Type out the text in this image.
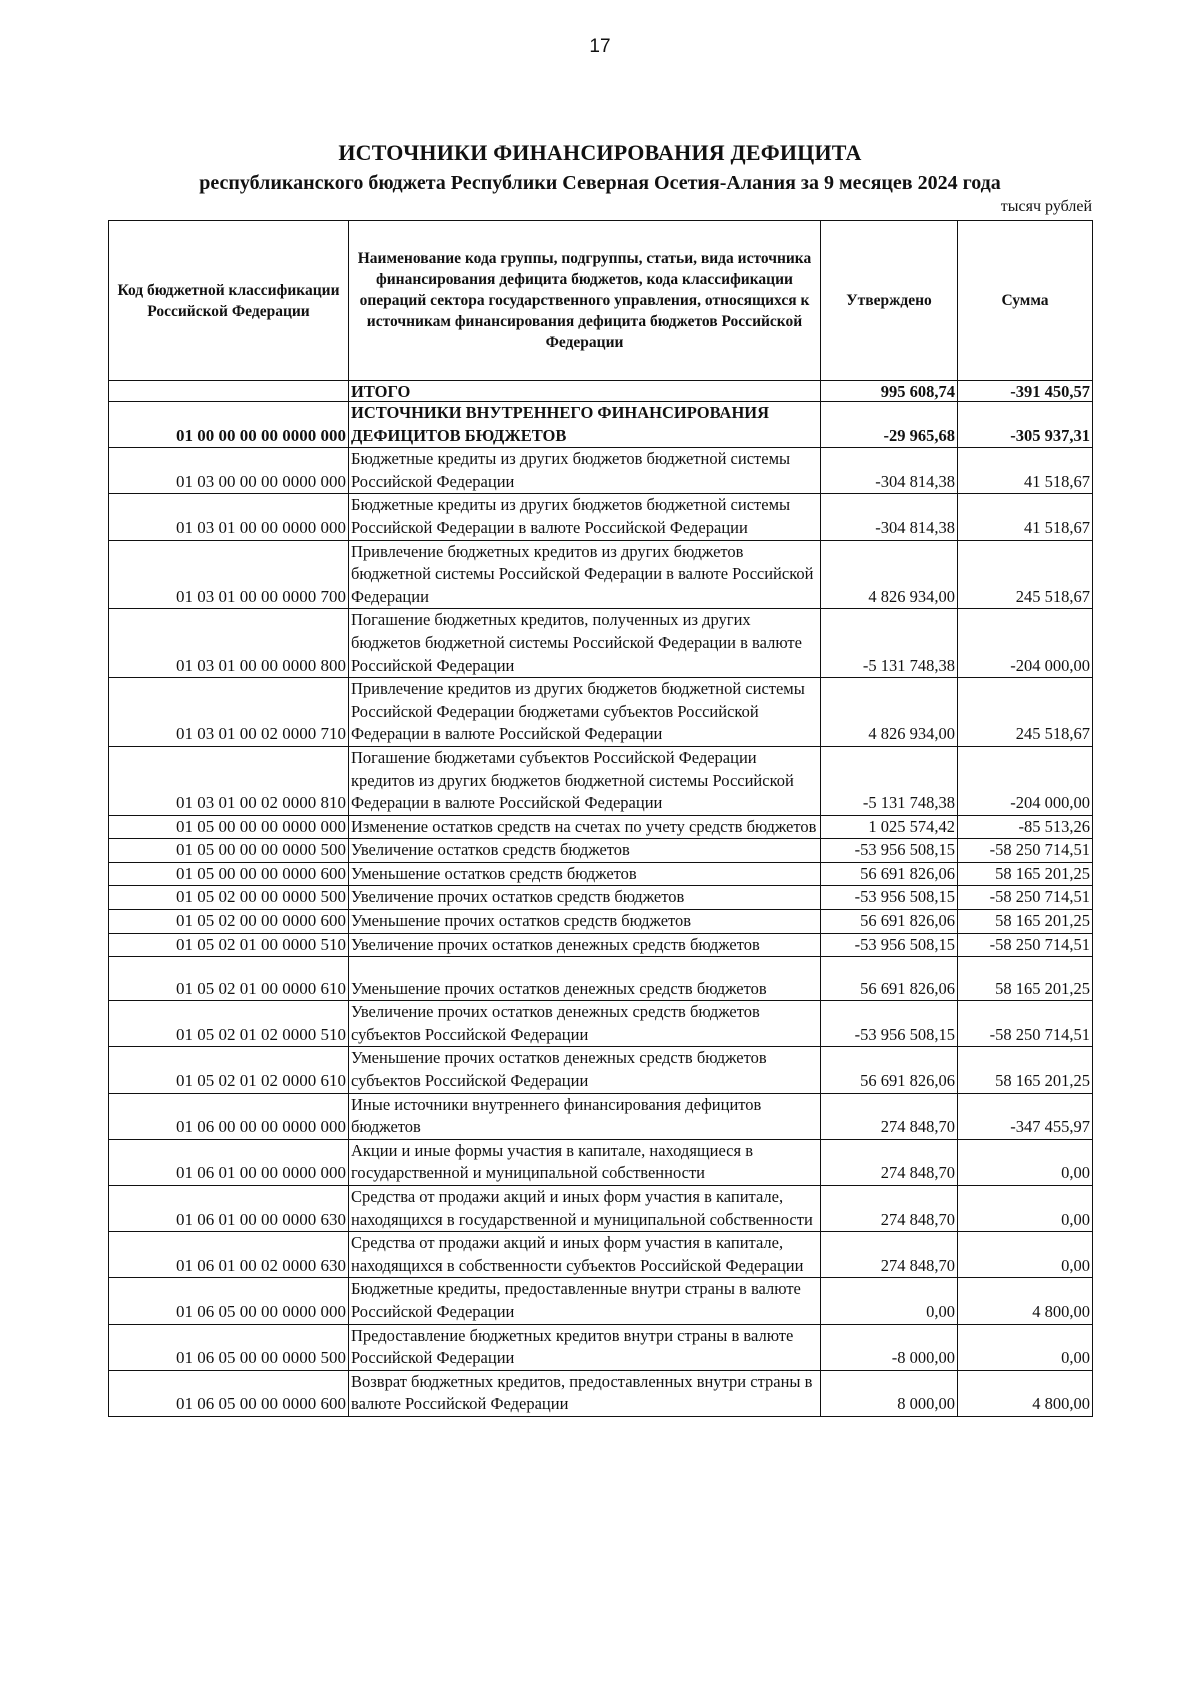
17
ИСТОЧНИКИ ФИНАНСИРОВАНИЯ ДЕФИЦИТА
республиканского бюджета Республики Северная Осетия-Алания за 9 месяцев 2024 года
тысяч рублей
Код бюджетной классификации Российской Федерации	Наименование кода группы, подгруппы, статьи, вида источника финансирования дефицита бюджетов, кода классификации операций сектора государственного управления, относящихся к источникам финансирования дефицита бюджетов Российской Федерации	Утверждено	Сумма
	ИТОГО	995 608,74	-391 450,57
01 00 00 00 00 0000 000	ИСТОЧНИКИ ВНУТРЕННЕГО ФИНАНСИРОВАНИЯ ДЕФИЦИТОВ БЮДЖЕТОВ	-29 965,68	-305 937,31
01 03 00 00 00 0000 000	Бюджетные кредиты из других бюджетов бюджетной системы Российской Федерации	-304 814,38	41 518,67
01 03 01 00 00 0000 000	Бюджетные кредиты из других бюджетов бюджетной системы Российской Федерации в валюте Российской Федерации	-304 814,38	41 518,67
01 03 01 00 00 0000 700	Привлечение бюджетных кредитов из других бюджетов бюджетной системы Российской Федерации в валюте Российской Федерации	4 826 934,00	245 518,67
01 03 01 00 00 0000 800	Погашение бюджетных кредитов, полученных из других бюджетов бюджетной системы Российской Федерации в валюте Российской Федерации	-5 131 748,38	-204 000,00
01 03 01 00 02 0000 710	Привлечение кредитов из других бюджетов бюджетной системы Российской Федерации бюджетами субъектов Российской Федерации в валюте Российской Федерации	4 826 934,00	245 518,67
01 03 01 00 02 0000 810	Погашение бюджетами субъектов Российской Федерации кредитов из других бюджетов бюджетной системы Российской Федерации в валюте Российской Федерации	-5 131 748,38	-204 000,00
01 05 00 00 00 0000 000	Изменение остатков средств на счетах по учету средств бюджетов	1 025 574,42	-85 513,26
01 05 00 00 00 0000 500	Увеличение остатков средств бюджетов	-53 956 508,15	-58 250 714,51
01 05 00 00 00 0000 600	Уменьшение остатков средств бюджетов	56 691 826,06	58 165 201,25
01 05 02 00 00 0000 500	Увеличение прочих остатков средств бюджетов	-53 956 508,15	-58 250 714,51
01 05 02 00 00 0000 600	Уменьшение прочих остатков средств бюджетов	56 691 826,06	58 165 201,25
01 05 02 01 00 0000 510	Увеличение прочих остатков денежных средств бюджетов	-53 956 508,15	-58 250 714,51
01 05 02 01 00 0000 610	Уменьшение прочих остатков денежных средств бюджетов	56 691 826,06	58 165 201,25
01 05 02 01 02 0000 510	Увеличение прочих остатков денежных средств бюджетов субъектов Российской Федерации	-53 956 508,15	-58 250 714,51
01 05 02 01 02 0000 610	Уменьшение прочих остатков денежных средств бюджетов субъектов Российской Федерации	56 691 826,06	58 165 201,25
01 06 00 00 00 0000 000	Иные источники внутреннего финансирования дефицитов бюджетов	274 848,70	-347 455,97
01 06 01 00 00 0000 000	Акции и иные формы участия в капитале, находящиеся в государственной и муниципальной собственности	274 848,70	0,00
01 06 01 00 00 0000 630	Средства от продажи акций и иных форм участия в капитале, находящихся в государственной и муниципальной собственности	274 848,70	0,00
01 06 01 00 02 0000 630	Средства от продажи акций и иных форм участия в капитале, находящихся в собственности субъектов Российской Федерации	274 848,70	0,00
01 06 05 00 00 0000 000	Бюджетные кредиты, предоставленные внутри страны в валюте Российской Федерации	0,00	4 800,00
01 06 05 00 00 0000 500	Предоставление бюджетных кредитов внутри страны в валюте Российской Федерации	-8 000,00	0,00
01 06 05 00 00 0000 600	Возврат бюджетных кредитов, предоставленных внутри страны в валюте Российской Федерации	8 000,00	4 800,00
